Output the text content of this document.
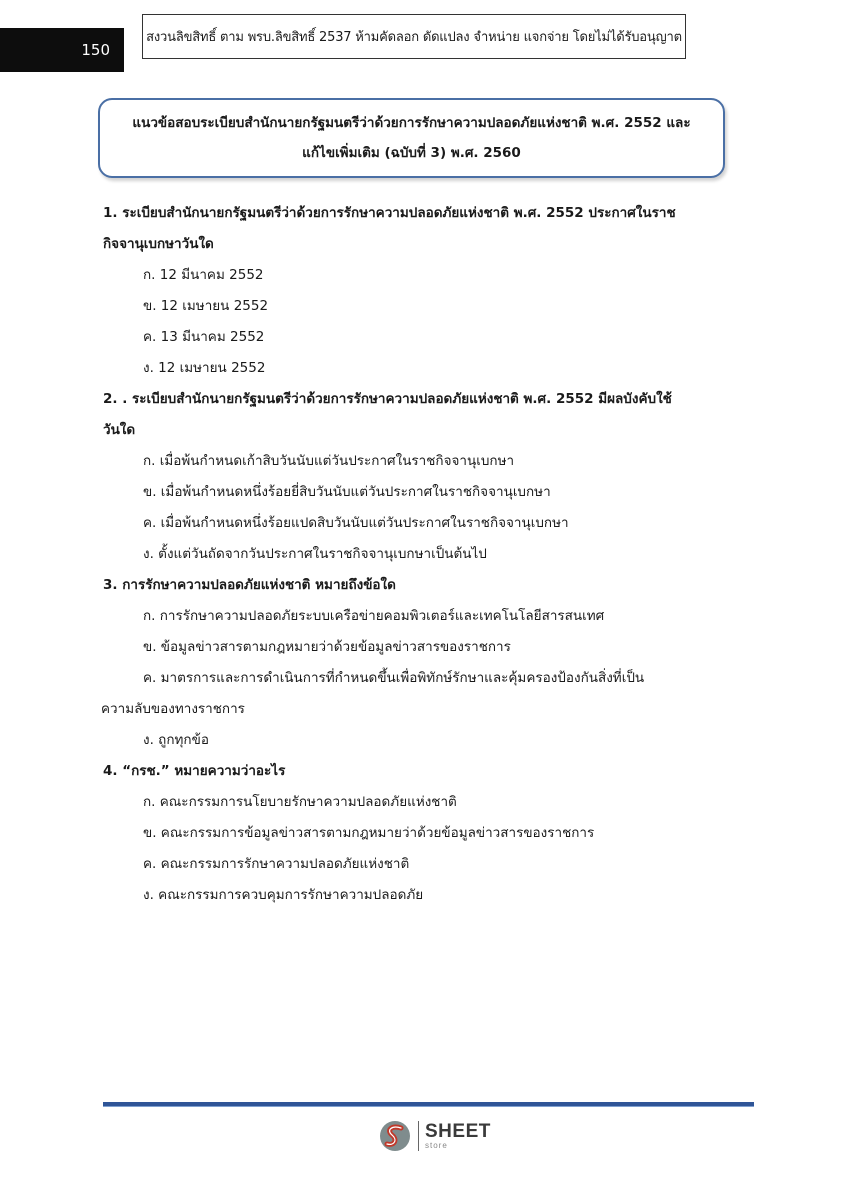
150
สงวนลิขสิทธิ์ ตาม พรบ.ลิขสิทธิ์ 2537 ห้ามคัดลอก ดัดแปลง จำหน่าย แจกจ่าย โดยไม่ได้รับอนุญาต
แนวข้อสอบระเบียบสำนักนายกรัฐมนตรีว่าด้วยการรักษาความปลอดภัยแห่งชาติ พ.ศ. 2552 และ
แก้ไขเพิ่มเติม (ฉบับที่ 3) พ.ศ. 2560

1. ระเบียบสำนักนายกรัฐมนตรีว่าด้วยการรักษาความปลอดภัยแห่งชาติ พ.ศ. 2552 ประกาศในราช
กิจจานุเบกษาวันใด

ก. 12 มีนาคม 2552

ข. 12 เมษายน 2552

ค. 13 มีนาคม 2552

ง. 12 เมษายน 2552

2. . ระเบียบสำนักนายกรัฐมนตรีว่าด้วยการรักษาความปลอดภัยแห่งชาติ พ.ศ. 2552 มีผลบังคับใช้
วันใด

ก. เมื่อพ้นกำหนดเก้าสิบวันนับแต่วันประกาศในราชกิจจานุเบกษา

ข. เมื่อพ้นกำหนดหนึ่งร้อยยี่สิบวันนับแต่วันประกาศในราชกิจจานุเบกษา

ค. เมื่อพ้นกำหนดหนึ่งร้อยแปดสิบวันนับแต่วันประกาศในราชกิจจานุเบกษา

ง. ตั้งแต่วันถัดจากวันประกาศในราชกิจจานุเบกษาเป็นต้นไป

3. การรักษาความปลอดภัยแห่งชาติ หมายถึงข้อใด

ก. การรักษาความปลอดภัยระบบเครือข่ายคอมพิวเตอร์และเทคโนโลยีสารสนเทศ

ข. ข้อมูลข่าวสารตามกฎหมายว่าด้วยข้อมูลข่าวสารของราชการ

ค. มาตรการและการดำเนินการที่กำหนดขึ้นเพื่อพิทักษ์รักษาและคุ้มครองป้องกันสิ่งที่เป็น
ความลับของทางราชการ

ง. ถูกทุกข้อ

4. “กรช.” หมายความว่าอะไร

ก. คณะกรรมการนโยบายรักษาความปลอดภัยแห่งชาติ

ข. คณะกรรมการข้อมูลข่าวสารตามกฎหมายว่าด้วยข้อมูลข่าวสารของราชการ

ค. คณะกรรมการรักษาความปลอดภัยแห่งชาติ

ง. คณะกรรมการควบคุมการรักษาความปลอดภัย

SHEET
store
